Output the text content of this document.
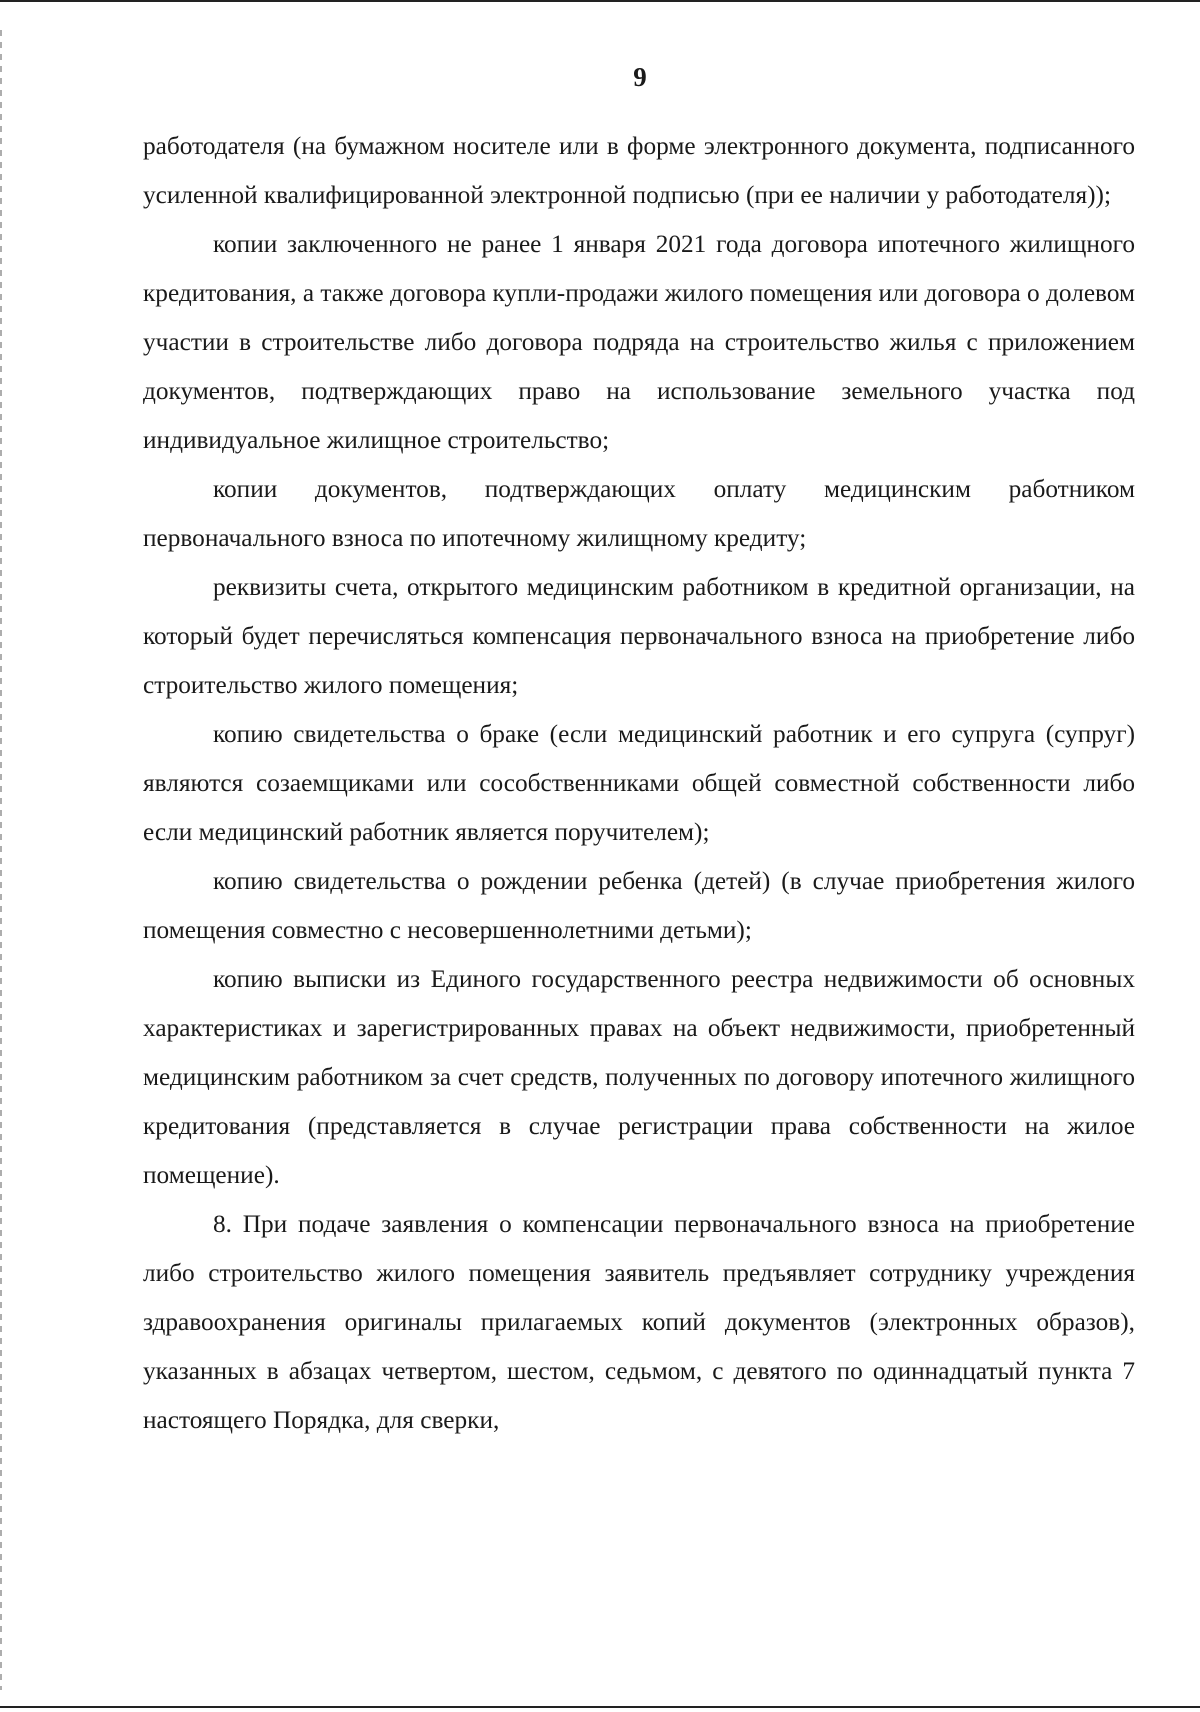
9

работодателя (на бумажном носителе или в форме электронного документа, подписанного усиленной квалифицированной электронной подписью (при ее наличии у работодателя));

копии заключенного не ранее 1 января 2021 года договора ипотечного жилищного кредитования, а также договора купли-продажи жилого помещения или договора о долевом участии в строительстве либо договора подряда на строительство жилья с приложением документов, подтверждающих право на использование земельного участка под индивидуальное жилищное строительство;

копии документов, подтверждающих оплату медицинским работником первоначального взноса по ипотечному жилищному кредиту;

реквизиты счета, открытого медицинским работником в кредитной организации, на который будет перечисляться компенсация первоначального взноса на приобретение либо строительство жилого помещения;

копию свидетельства о браке (если медицинский работник и его супруга (супруг) являются созаемщиками или сособственниками общей совместной собственности либо если медицинский работник является поручителем);

копию свидетельства о рождении ребенка (детей) (в случае приобретения жилого помещения совместно с несовершеннолетними детьми);

копию выписки из Единого государственного реестра недвижимости об основных характеристиках и зарегистрированных правах на объект недвижимости, приобретенный медицинским работником за счет средств, полученных по договору ипотечного жилищного кредитования (представляется в случае регистрации права собственности на жилое помещение).

8. При подаче заявления о компенсации первоначального взноса на приобретение либо строительство жилого помещения заявитель предъявляет сотруднику учреждения здравоохранения оригиналы прилагаемых копий документов (электронных образов), указанных в абзацах четвертом, шестом, седьмом, с девятого по одиннадцатый пункта 7 настоящего Порядка, для сверки,
